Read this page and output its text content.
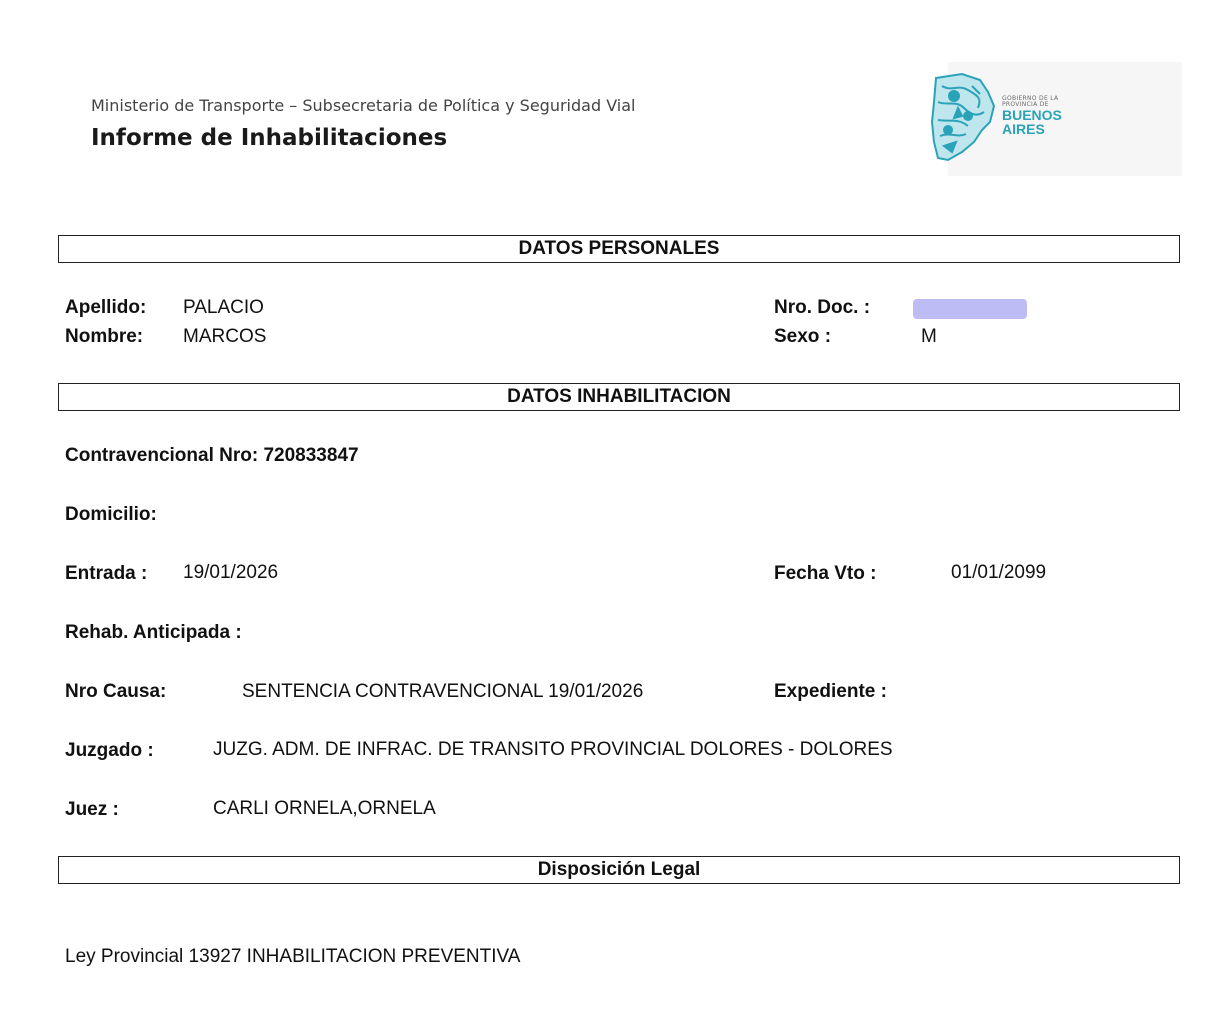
Ministerio de Transporte – Subsecretaria de Política y Seguridad Vial
Informe de Inhabilitaciones
GOBIERNO DE LA
PROVINCIA DE
BUENOS
AIRES
DATOS PERSONALES
Apellido: PALACIO
Nombre: MARCOS
Nro. Doc. :
Sexo :	M
DATOS INHABILITACION
Contravencional Nro: 720833847
Domicilio:
Entrada : 19/01/2026	Fecha Vto :	01/01/2099
Rehab. Anticipada :
Nro Causa:	SENTENCIA CONTRAVENCIONAL 19/01/2026	Expediente :
Juzgado :	JUZG. ADM. DE INFRAC. DE TRANSITO PROVINCIAL DOLORES - DOLORES
Juez :	CARLI ORNELA,ORNELA
Disposición Legal
Ley Provincial 13927 INHABILITACION PREVENTIVA
